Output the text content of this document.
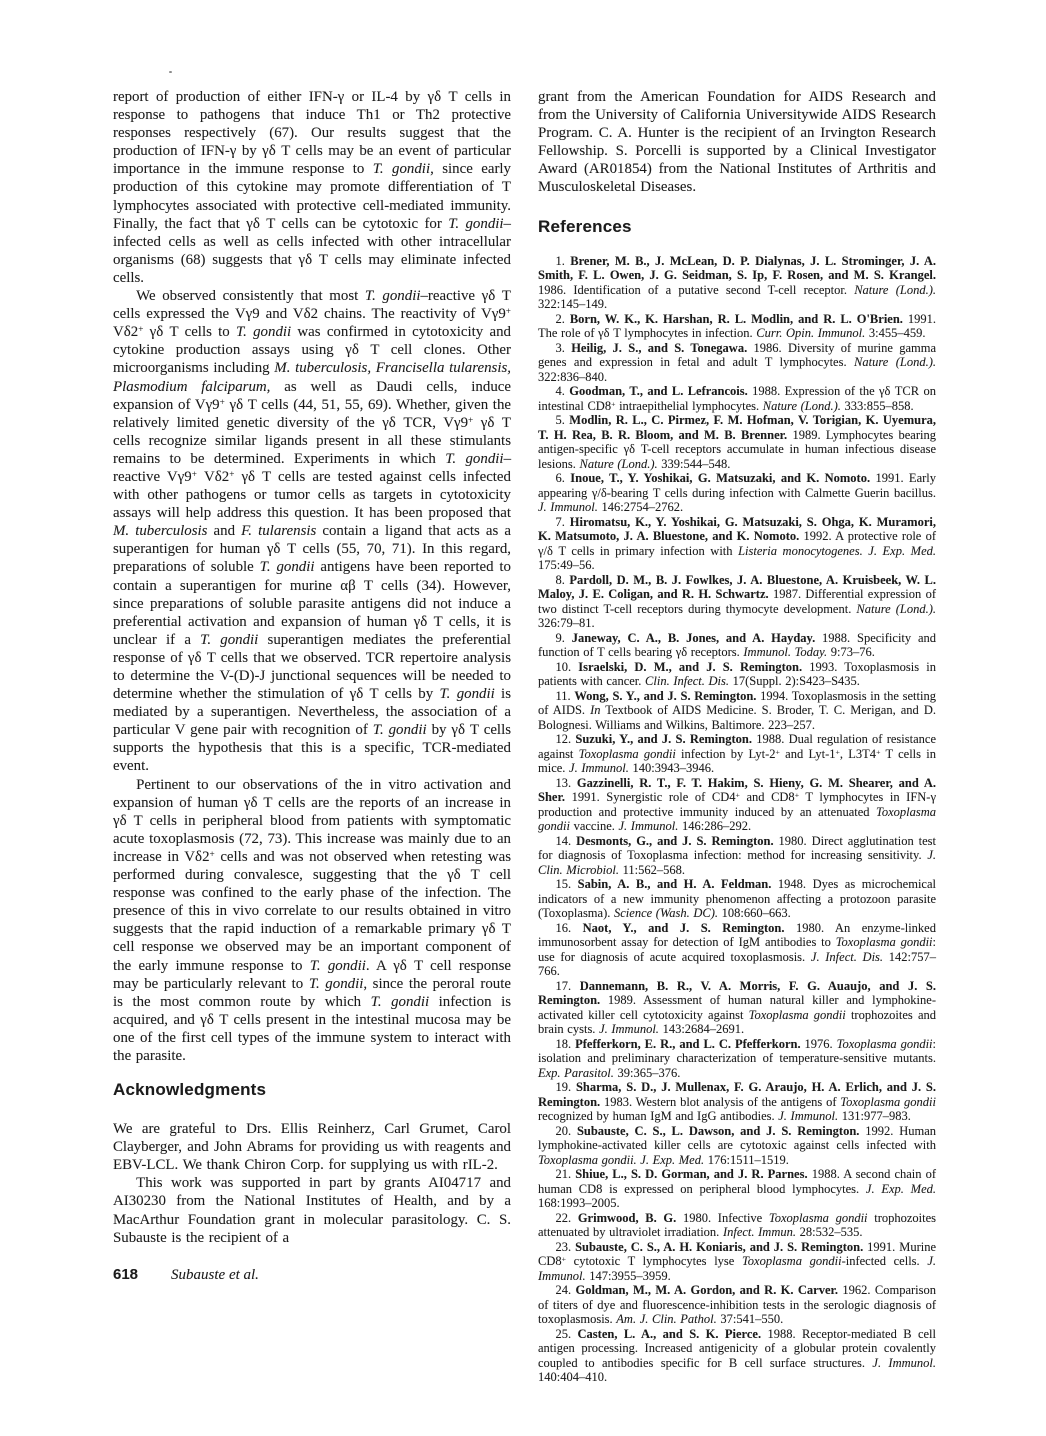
report of production of either IFN-γ or IL-4 by γδ T cells in response to pathogens that induce Th1 or Th2 protective responses respectively (67). Our results suggest that the production of IFN-γ by γδ T cells may be an event of particular importance in the immune response to T. gondii, since early production of this cytokine may promote differentiation of T lymphocytes associated with protective cell-mediated immunity. Finally, the fact that γδ T cells can be cytotoxic for T. gondii–infected cells as well as cells infected with other intracellular organisms (68) suggests that γδ T cells may eliminate infected cells.

We observed consistently that most T. gondii–reactive γδ T cells expressed the Vγ9 and Vδ2 chains. The reactivity of Vγ9+ Vδ2+ γδ T cells to T. gondii was confirmed in cytotoxicity and cytokine production assays using γδ T cell clones. Other microorganisms including M. tuberculosis, Francisella tularensis, Plasmodium falciparum, as well as Daudi cells, induce expansion of Vγ9+ γδ T cells (44, 51, 55, 69). Whether, given the relatively limited genetic diversity of the γδ TCR, Vγ9+ γδ T cells recognize similar ligands present in all these stimulants remains to be determined. Experiments in which T. gondii–reactive Vγ9+ Vδ2+ γδ T cells are tested against cells infected with other pathogens or tumor cells as targets in cytotoxicity assays will help address this question. It has been proposed that M. tuberculosis and F. tularensis contain a ligand that acts as a superantigen for human γδ T cells (55, 70, 71). In this regard, preparations of soluble T. gondii antigens have been reported to contain a superantigen for murine αβ T cells (34). However, since preparations of soluble parasite antigens did not induce a preferential activation and expansion of human γδ T cells, it is unclear if a T. gondii superantigen mediates the preferential response of γδ T cells that we observed. TCR repertoire analysis to determine the V-(D)-J junctional sequences will be needed to determine whether the stimulation of γδ T cells by T. gondii is mediated by a superantigen. Nevertheless, the association of a particular V gene pair with recognition of T. gondii by γδ T cells supports the hypothesis that this is a specific, TCR-mediated event.

Pertinent to our observations of the in vitro activation and expansion of human γδ T cells are the reports of an increase in γδ T cells in peripheral blood from patients with symptomatic acute toxoplasmosis (72, 73). This increase was mainly due to an increase in Vδ2+ cells and was not observed when retesting was performed during convalesce, suggesting that the γδ T cell response was confined to the early phase of the infection. The presence of this in vivo correlate to our results obtained in vitro suggests that the rapid induction of a remarkable primary γδ T cell response we observed may be an important component of the early immune response to T. gondii. A γδ T cell response may be particularly relevant to T. gondii, since the peroral route is the most common route by which T. gondii infection is acquired, and γδ T cells present in the intestinal mucosa may be one of the first cell types of the immune system to interact with the parasite.

Acknowledgments

We are grateful to Drs. Ellis Reinherz, Carl Grumet, Carol Clayberger, and John Abrams for providing us with reagents and EBV-LCL. We thank Chiron Corp. for supplying us with rIL-2.

This work was supported in part by grants AI04717 and AI30230 from the National Institutes of Health, and by a MacArthur Foundation grant in molecular parasitology. C. S. Subauste is the recipient of a

grant from the American Foundation for AIDS Research and from the University of California Universitywide AIDS Research Program. C. A. Hunter is the recipient of an Irvington Research Fellowship. S. Porcelli is supported by a Clinical Investigator Award (AR01854) from the National Institutes of Arthritis and Musculoskeletal Diseases.

References

1. Brener, M. B., J. McLean, D. P. Dialynas, J. L. Strominger, J. A. Smith, F. L. Owen, J. G. Seidman, S. Ip, F. Rosen, and M. S. Krangel. 1986. Identification of a putative second T-cell receptor. Nature (Lond.). 322:145–149.

2. Born, W. K., K. Harshan, R. L. Modlin, and R. L. O'Brien. 1991. The role of γδ T lymphocytes in infection. Curr. Opin. Immunol. 3:455–459.

3. Heilig, J. S., and S. Tonegawa. 1986. Diversity of murine gamma genes and expression in fetal and adult T lymphocytes. Nature (Lond.). 322:836–840.

4. Goodman, T., and L. Lefrancois. 1988. Expression of the γδ TCR on intestinal CD8+ intraepithelial lymphocytes. Nature (Lond.). 333:855–858.

5. Modlin, R. L., C. Pirmez, F. M. Hofman, V. Torigian, K. Uyemura, T. H. Rea, B. R. Bloom, and M. B. Brenner. 1989. Lymphocytes bearing antigen-specific γδ T-cell receptors accumulate in human infectious disease lesions. Nature (Lond.). 339:544–548.

6. Inoue, T., Y. Yoshikai, G. Matsuzaki, and K. Nomoto. 1991. Early appearing γ/δ-bearing T cells during infection with Calmette Guerin bacillus. J. Immunol. 146:2754–2762.

7. Hiromatsu, K., Y. Yoshikai, G. Matsuzaki, S. Ohga, K. Muramori, K. Matsumoto, J. A. Bluestone, and K. Nomoto. 1992. A protective role of γ/δ T cells in primary infection with Listeria monocytogenes. J. Exp. Med. 175:49–56.

8. Pardoll, D. M., B. J. Fowlkes, J. A. Bluestone, A. Kruisbeek, W. L. Maloy, J. E. Coligan, and R. H. Schwartz. 1987. Differential expression of two distinct T-cell receptors during thymocyte development. Nature (Lond.). 326:79–81.

9. Janeway, C. A., B. Jones, and A. Hayday. 1988. Specificity and function of T cells bearing γδ receptors. Immunol. Today. 9:73–76.

10. Israelski, D. M., and J. S. Remington. 1993. Toxoplasmosis in patients with cancer. Clin. Infect. Dis. 17(Suppl. 2):S423–S435.

11. Wong, S. Y., and J. S. Remington. 1994. Toxoplasmosis in the setting of AIDS. In Textbook of AIDS Medicine. S. Broder, T. C. Merigan, and D. Bolognesi. Williams and Wilkins, Baltimore. 223–257.

12. Suzuki, Y., and J. S. Remington. 1988. Dual regulation of resistance against Toxoplasma gondii infection by Lyt-2+ and Lyt-1+, L3T4+ T cells in mice. J. Immunol. 140:3943–3946.

13. Gazzinelli, R. T., F. T. Hakim, S. Hieny, G. M. Shearer, and A. Sher. 1991. Synergistic role of CD4+ and CD8+ T lymphocytes in IFN-γ production and protective immunity induced by an attenuated Toxoplasma gondii vaccine. J. Immunol. 146:286–292.

14. Desmonts, G., and J. S. Remington. 1980. Direct agglutination test for diagnosis of Toxoplasma infection: method for increasing sensitivity. J. Clin. Microbiol. 11:562–568.

15. Sabin, A. B., and H. A. Feldman. 1948. Dyes as microchemical indicators of a new immunity phenomenon affecting a protozoon parasite (Toxoplasma). Science (Wash. DC). 108:660–663.

16. Naot, Y., and J. S. Remington. 1980. An enzyme-linked immunosorbent assay for detection of IgM antibodies to Toxoplasma gondii: use for diagnosis of acute acquired toxoplasmosis. J. Infect. Dis. 142:757–766.

17. Dannemann, B. R., V. A. Morris, F. G. Auaujo, and J. S. Remington. 1989. Assessment of human natural killer and lymphokine-activated killer cell cytotoxicity against Toxoplasma gondii trophozoites and brain cysts. J. Immunol. 143:2684–2691.

18. Pfefferkorn, E. R., and L. C. Pfefferkorn. 1976. Toxoplasma gondii: isolation and preliminary characterization of temperature-sensitive mutants. Exp. Parasitol. 39:365–376.

19. Sharma, S. D., J. Mullenax, F. G. Araujo, H. A. Erlich, and J. S. Remington. 1983. Western blot analysis of the antigens of Toxoplasma gondii recognized by human IgM and IgG antibodies. J. Immunol. 131:977–983.

20. Subauste, C. S., L. Dawson, and J. S. Remington. 1992. Human lymphokine-activated killer cells are cytotoxic against cells infected with Toxoplasma gondii. J. Exp. Med. 176:1511–1519.

21. Shiue, L., S. D. Gorman, and J. R. Parnes. 1988. A second chain of human CD8 is expressed on peripheral blood lymphocytes. J. Exp. Med. 168:1993–2005.

22. Grimwood, B. G. 1980. Infective Toxoplasma gondii trophozoites attenuated by ultraviolet irradiation. Infect. Immun. 28:532–535.

23. Subauste, C. S., A. H. Koniaris, and J. S. Remington. 1991. Murine CD8+ cytotoxic T lymphocytes lyse Toxoplasma gondii-infected cells. J. Immunol. 147:3955–3959.

24. Goldman, M., M. A. Gordon, and R. K. Carver. 1962. Comparison of titers of dye and fluorescence-inhibition tests in the serologic diagnosis of toxoplasmosis. Am. J. Clin. Pathol. 37:541–550.

25. Casten, L. A., and S. K. Pierce. 1988. Receptor-mediated B cell antigen processing. Increased antigenicity of a globular protein covalently coupled to antibodies specific for B cell surface structures. J. Immunol. 140:404–410.

618 Subauste et al.
